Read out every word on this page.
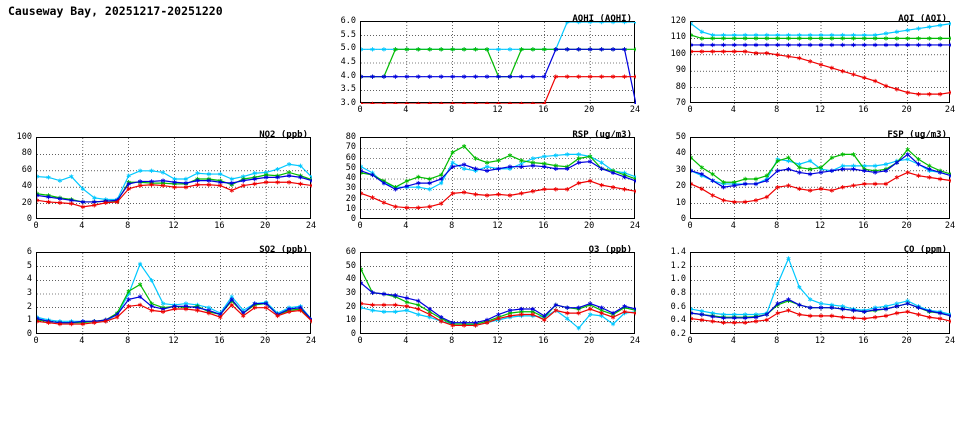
Causeway Bay, 20251217-20251220
3.0
3.5
4.0
4.5
5.0
5.5
6.0
0	4	8	12	16	20	24
AQHI (AQHI)
70
80
90
100
110
120
0	4	8	12	16	20	24
AQI (AQI)
0
20
40
60
80
100
0	4	8	12	16	20	24
NO2 (ppb)
0
10
20
30
40
50
60
70
80
0	4	8	12	16	20	24
RSP (ug/m3)
0
10
20
30
40
50
0	4	8	12	16	20	24
FSP (ug/m3)
0
1
2
3
4
5
6
0	4	8	12	16	20	24
SO2 (ppb)
0
10
20
30
40
50
60
0	4	8	12	16	20	24
O3 (ppb)
0.2
0.4
0.6
0.8
1.0
1.2
1.4
0	4	8	12	16	20	24
CO (ppm)
